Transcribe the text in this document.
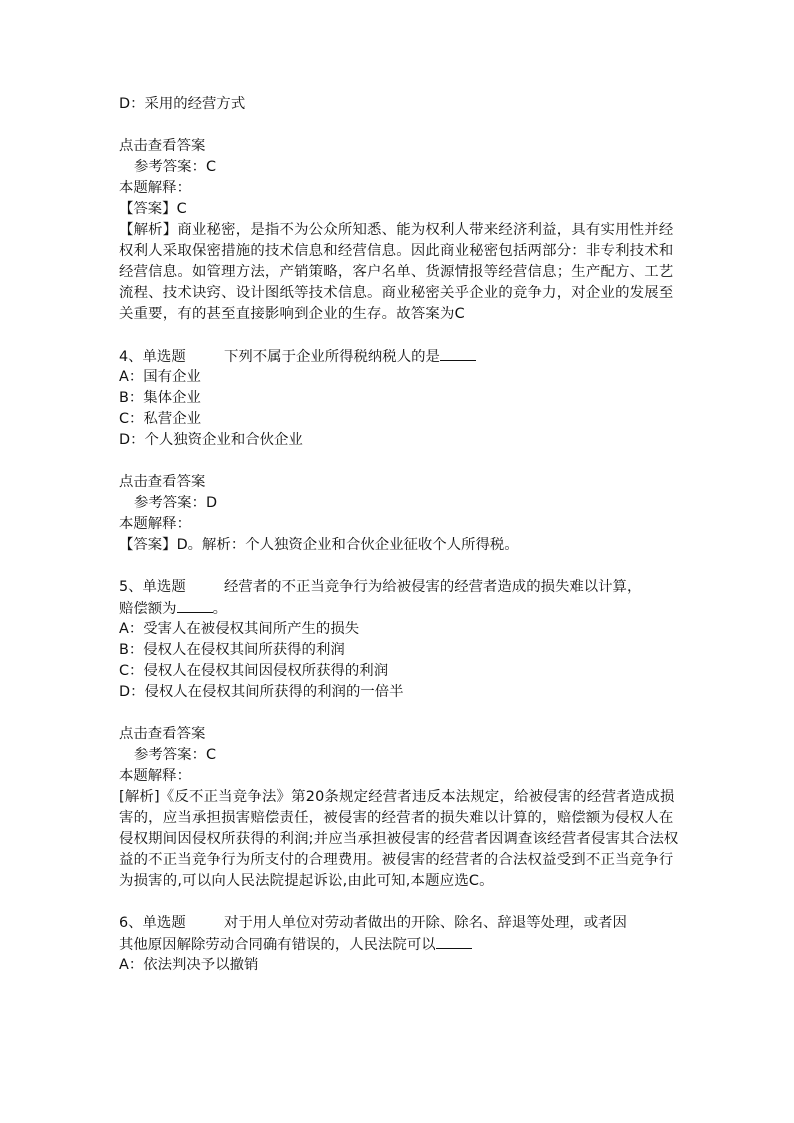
D：采用的经营方式
点击查看答案
参考答案：C
本题解释：
【答案】C
【解析】商业秘密，是指不为公众所知悉、能为权利人带来经济利益，具有实用性并经权利人采取保密措施的技术信息和经营信息。因此商业秘密包括两部分：非专利技术和经营信息。如管理方法，产销策略，客户名单、货源情报等经营信息；生产配方、工艺流程、技术诀窍、设计图纸等技术信息。商业秘密关乎企业的竞争力，对企业的发展至关重要，有的甚至直接影响到企业的生存。故答案为C
4、单选题	下列不属于企业所得税纳税人的是
A：国有企业
B：集体企业
C：私营企业
D：个人独资企业和合伙企业
点击查看答案
参考答案：D
本题解释：
【答案】D。解析：个人独资企业和合伙企业征收个人所得税。
5、单选题	经营者的不正当竞争行为给被侵害的经营者造成的损失难以计算，
赔偿额为	。
A：受害人在被侵权其间所产生的损失
B：侵权人在侵权其间所获得的利润
C：侵权人在侵权其间因侵权所获得的利润
D：侵权人在侵权其间所获得的利润的一倍半
点击查看答案
参考答案：C
本题解释：
[解析]《反不正当竞争法》第20条规定经营者违反本法规定，给被侵害的经营者造成损害的，应当承担损害赔偿责任，被侵害的经营者的损失难以计算的，赔偿额为侵权人在侵权期间因侵权所获得的利润;并应当承担被侵害的经营者因调查该经营者侵害其合法权益的不正当竞争行为所支付的合理费用。被侵害的经营者的合法权益受到不正当竞争行为损害的,可以向人民法院提起诉讼,由此可知,本题应选C。
6、单选题	对于用人单位对劳动者做出的开除、除名、辞退等处理，或者因
其他原因解除劳动合同确有错误的，人民法院可以
A：依法判决予以撤销
